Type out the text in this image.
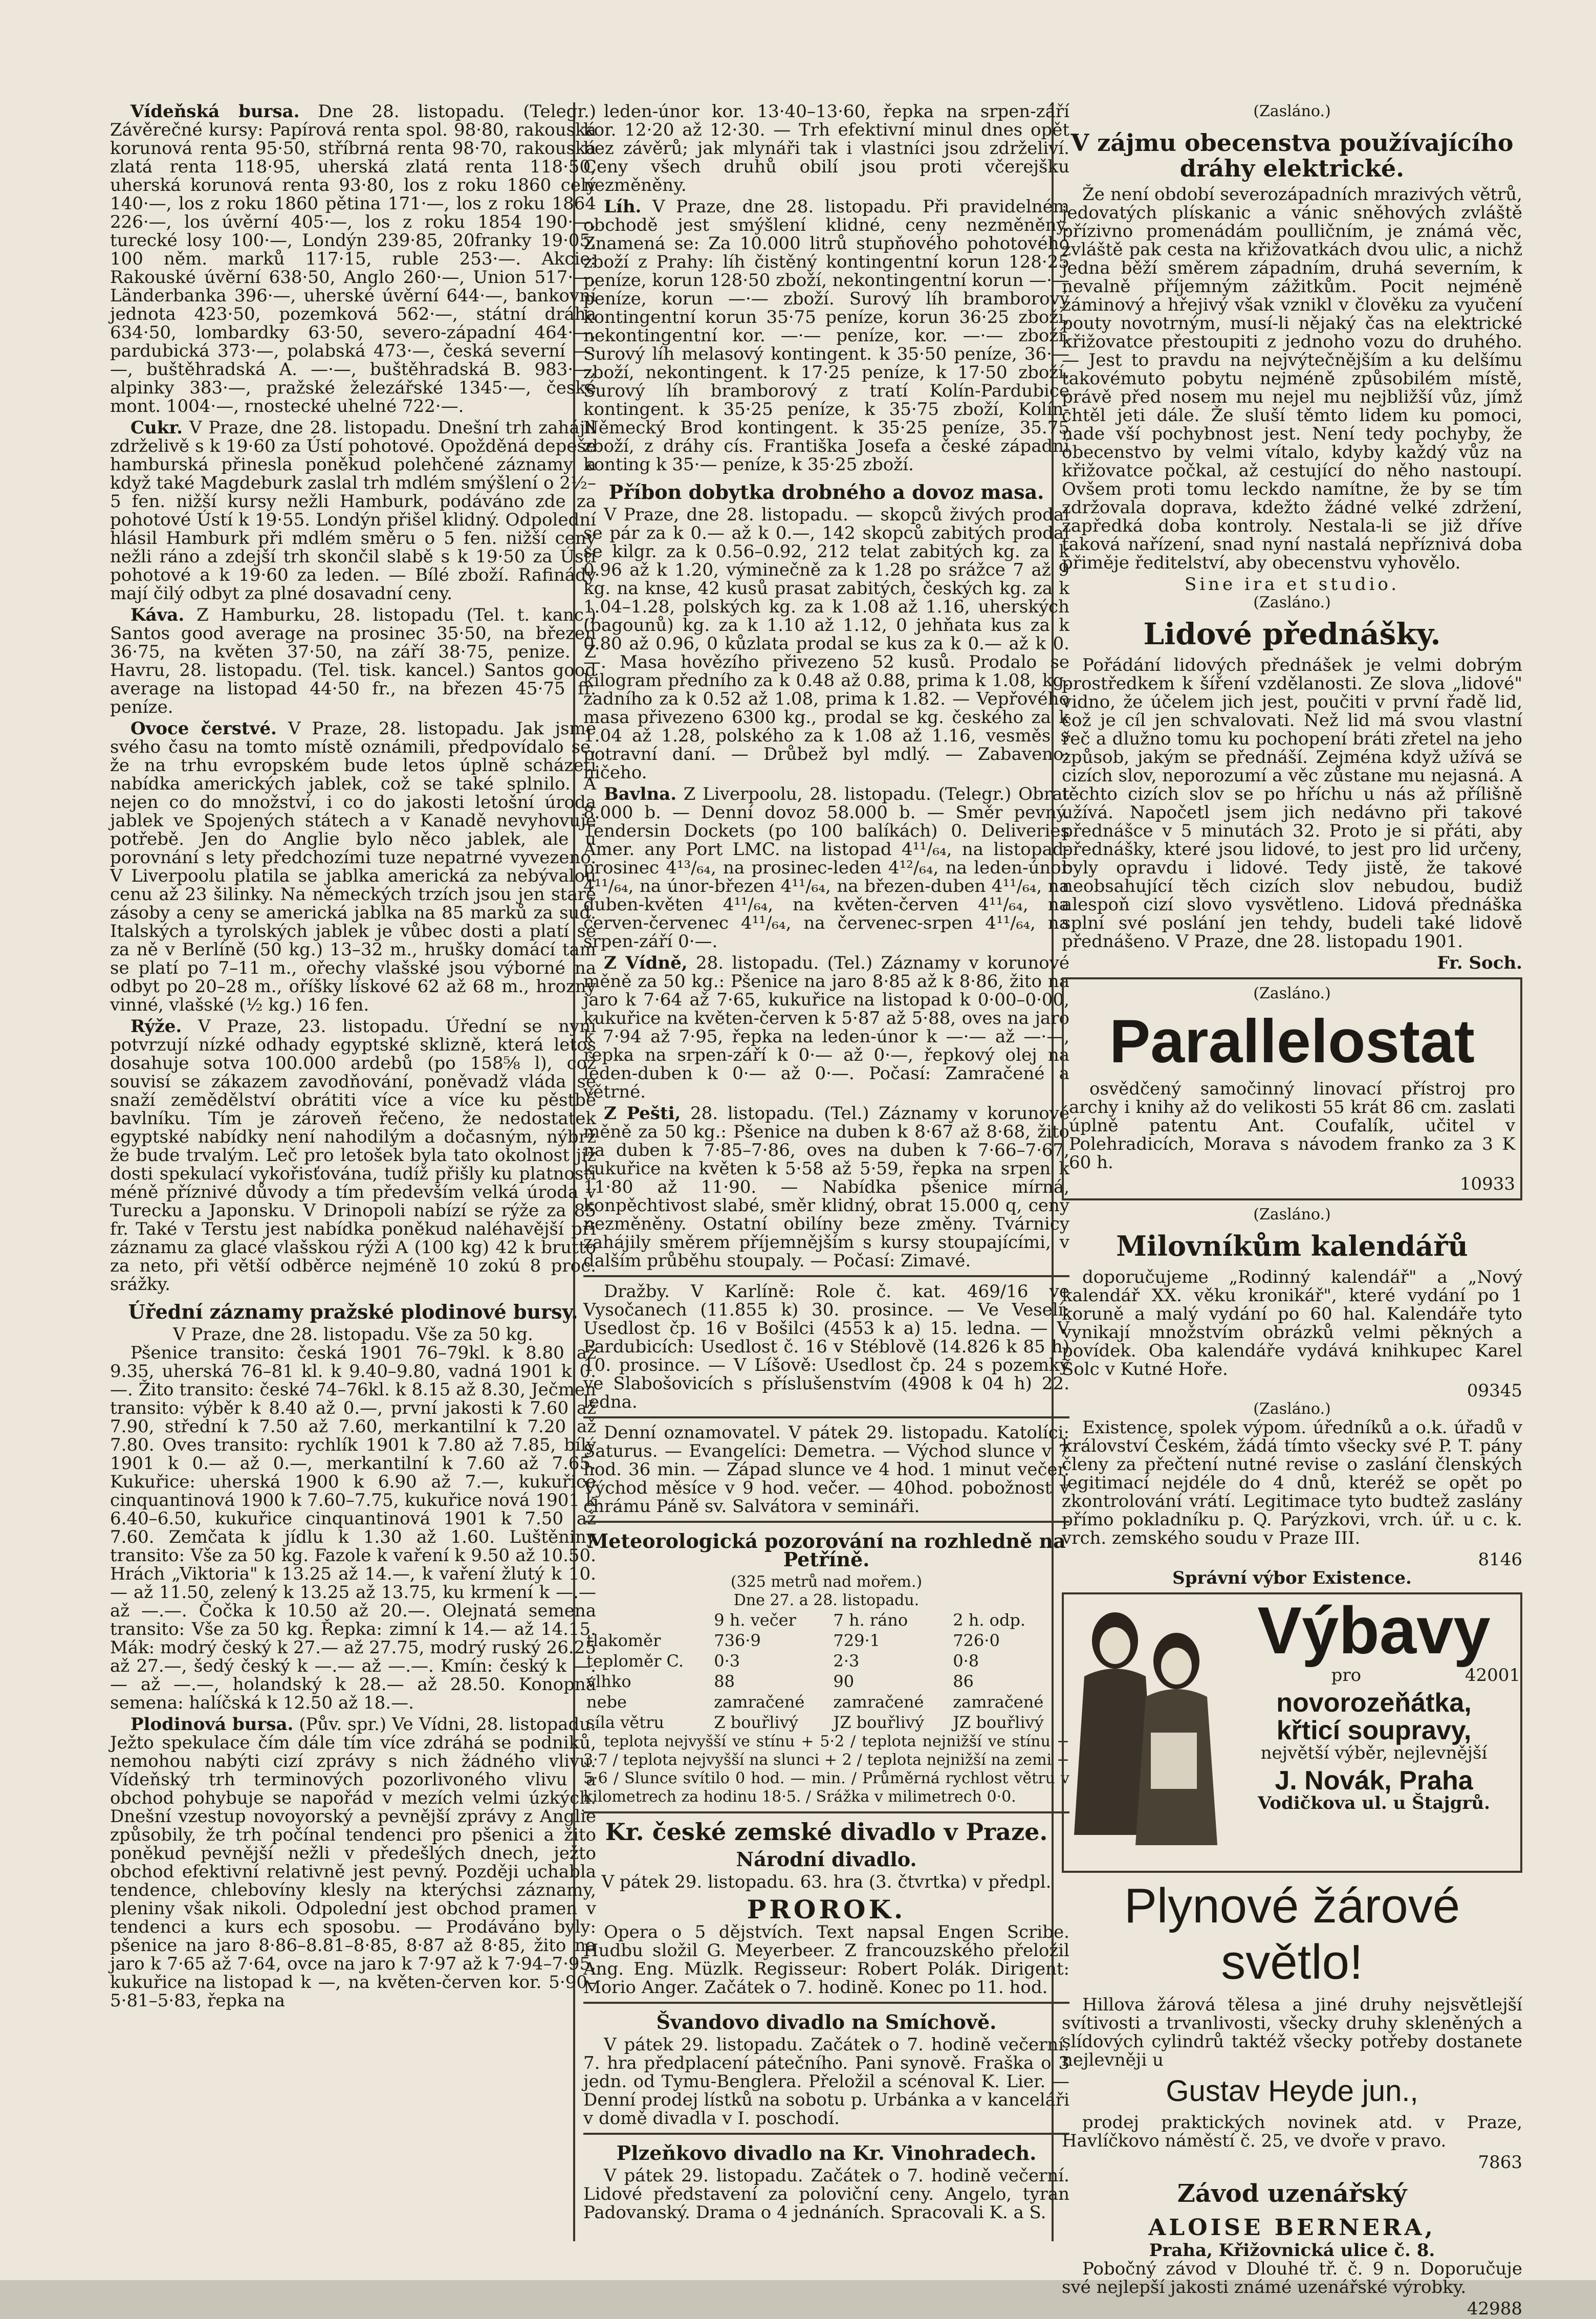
Vídeňská bursa. Dne 28. listopadu. (Telegr.) Závěrečné kursy: Papírová renta spol. 98·80, rakouská korunová renta 95·50, stříbrná renta 98·70, rakouská zlatá renta 118·95, uherská zlatá renta 118·50, uherská korunová renta 93·80, los z roku 1860 celý 140·—, los z roku 1860 pětina 171·—, los z roku 1864 226·—, los úvěrní 405·—, los z roku 1854 190·—, turecké losy 100·—, Londýn 239·85, 20franky 19·05, 100 něm. marků 117·15, ruble 253·—. Akcie: Rakouské úvěrní 638·50, Anglo 260·—, Union 517·—, Länderbanka 396·—, uherské úvěrní 644·—, bankovní jednota 423·50, pozemková 562·—, státní dráha 634·50, lombardky 63·50, severo-západní 464·—, pardubická 373·—, polabská 473·—, česká severní —·—, buštěhradská A. —·—, buštěhradská B. 983·—, alpinky 383·—, pražské železářské 1345·—, české mont. 1004·—, rnostecké uhelné 722·—.

Cukr. V Praze, dne 28. listopadu. Dnešní trh zahájil zdrželivě s k 19·60 za Ústí pohotové. Opožděná depeše hamburská přinesla poněkud polehčené záznamy a když také Magdeburk zaslal trh mdlém smýšlení o 2½–5 fen. nižší kursy nežli Hamburk, podáváno zde za pohotové Ústí k 19·55. Londýn přišel klidný. Odpolední hlásil Hamburk při mdlém směru o 5 fen. nižší ceny nežli ráno a zdejší trh skončil slabě s k 19·50 za Ústí pohotové a k 19·60 za leden. — Bílé zboží. Rafinády mají čilý odbyt za plné dosavadní ceny.

Káva. Z Hamburku, 28. listopadu (Tel. t. kanc.) Santos good average na prosinec 35·50, na březen 36·75, na květen 37·50, na září 38·75, penize. Z Havru, 28. listopadu. (Tel. tisk. kancel.) Santos good average na listopad 44·50 fr., na březen 45·75 fr. peníze.

Ovoce čerstvé. V Praze, 28. listopadu. Jak jsme svého času na tomto místě oznámili, předpovídalo se, že na trhu evropském bude letos úplně scházeti nabídka amerických jablek, což se také splnilo. A nejen co do množství, i co do jakosti letošní úroda jablek ve Spojených státech a v Kanadě nevyhovuje potřebě. Jen do Anglie bylo něco jablek, ale u porovnání s lety předchozími tuze nepatrné vyvezeno. V Liverpoolu platila se jablka americká za nebývalou cenu až 23 šilinky. Na německých trzích jsou jen staré zásoby a ceny se americká jablka na 85 marků za sud. Italských a tyrolských jablek je vůbec dosti a platí se za ně v Berlíně (50 kg.) 13–32 m., hrušky domácí tam se platí po 7–11 m., ořechy vlašské jsou výborné na odbyt po 20–28 m., oříšky lískové 62 až 68 m., hrozny vinné, vlašské (½ kg.) 16 fen.

Rýže. V Praze, 23. listopadu. Úřední se nyní potvrzují nízké odhady egyptské sklizně, která letos dosahuje sotva 100.000 ardebů (po 158⅝ l), což souvisí se zákazem zavodňování, poněvadž vláda se snaží zemědělství obrátiti více a více ku pěstbě bavlníku. Tím je zároveň řečeno, že nedostatek egyptské nabídky není nahodilým a dočasným, nýbrž že bude trvalým. Leč pro letošek byla tato okolnost již dosti spekulací vykořisťována, tudíž přišly ku platnosti méně příznivé důvody a tím především velká úroda v Turecku a Japonsku. V Drinopoli nabízí se rýže za 85 fr. Také v Terstu jest nabídka poněkud naléhavější při záznamu za glacé vlašskou rýži A (100 kg) 42 k brutto za neto, při větší odběrce nejméně 10 zokú 8 proc. srážky.

Úřední záznamy pražské plodinové bursy.
V Praze, dne 28. listopadu. Vše za 50 kg.

Pšenice transito: česká 1901 76–79kl. k 8.80 až 9.35, uherská 76–81 kl. k 9.40–9.80, vadná 1901 k 0.—. Žito transito: české 74–76kl. k 8.15 až 8.30, Ječmen transito: výběr k 8.40 až 0.—, první jakosti k 7.60 až 7.90, střední k 7.50 až 7.60, merkantilní k 7.20 až 7.80. Oves transito: rychlík 1901 k 7.80 až 7.85, bílý 1901 k 0.— až 0.—, merkantilní k 7.60 až 7.65. Kukuřice: uherská 1900 k 6.90 až 7.—, kukuřice cinquantinová 1900 k 7.60–7.75, kukuřice nová 1901 k 6.40–6.50, kukuřice cinquantinová 1901 k 7.50 až 7.60. Zemčata k jídlu k 1.30 až 1.60. Luštěniny transito: Vše za 50 kg. Fazole k vaření k 9.50 až 10.50. Hrách „Viktoria" k 13.25 až 14.—, k vaření žlutý k 10.— až 11.50, zelený k 13.25 až 13.75, ku krmení k —.— až —.—. Čočka k 10.50 až 20.—. Olejnatá semena transito: Vše za 50 kg. Řepka: zimní k 14.— až 14.15. Mák: modrý český k 27.— až 27.75, modrý ruský 26.25 až 27.—, šedý český k —.— až —.—. Kmín: český k —.— až —.—, holandský k 28.— až 28.50. Konopná semena: halíčská k 12.50 až 18.—.

Plodinová bursa. (Pův. spr.) Ve Vídni, 28. listopadu. Ježto spekulace čím dále tím více zdráhá se podniků, nemohou nabýti cizí zprávy s nich žádného vlivu. Vídeňský trh terminových pozorlivoného vlivu a obchod pohybuje se napořád v mezích velmi úzkých. Dnešní vzestup novoyorský a pevnější zprávy z Anglie způsobily, že trh počínal tendenci pro pšenici a žito poněkud pevnější nežli v předešlých dnech, ježto obchod efektivní relativně jest pevný. Později uchabla tendence, chlebovíny klesly na kterýchsi záznamy, pleniny však nikoli. Odpolední jest obchod pramen v tendenci a kurs ech sposobu. — Prodáváno byly: pšenice na jaro 8·86–8.81–8·85, 8·87 až 8·85, žito na jaro k 7·65 až 7·64, ovce na jaro k 7·97 až k 7·94–7·95, kukuřice na listopad k —, na květen-červen kor. 5·90–5·81–5·83, řepka na

leden-únor kor. 13·40–13·60, řepka na srpen-září kor. 12·20 až 12·30. — Trh efektivní minul dnes opět bez závěrů; jak mlynáři tak i vlastníci jsou zdrželiví. Ceny všech druhů obilí jsou proti včerejšku nezměněny.

Líh. V Praze, dne 28. listopadu. Při pravidelném obchodě jest smýšlení klidné, ceny nezměněny. Znamená se: Za 10.000 litrů stupňového pohotového zboží z Prahy: líh čistěný kontingentní korun 128·25 peníze, korun 128·50 zboží, nekontingentní korun —·— peníze, korun —·— zboží. Surový líh bramborový kontingentní korun 35·75 peníze, korun 36·25 zboží, nekontingentní kor. —·— peníze, kor. —·— zboží. Surový líh melasový kontingent. k 35·50 peníze, 36·— zboží, nekontingent. k 17·25 peníze, k 17·50 zboží. Surový líh bramborový z tratí Kolín-Pardubice kontingent. k 35·25 peníze, k 35·75 zboží, Kolín-Německý Brod kontingent. k 35·25 peníze, 35.75 zboží, z dráhy cís. Františka Josefa a české západní konting k 35·— peníze, k 35·25 zboží.

Příbon dobytka drobného a dovoz masa.

V Praze, dne 28. listopadu. — skopců živých prodal se pár za k 0.— až k 0.—, 142 skopců zabitých prodal se kilgr. za k 0.56–0.92, 212 telat zabitých kg. za k 0.96 až k 1.20, výminečně za k 1.28 po srážce 7 až 9 kg. na knse, 42 kusů prasat zabitých, českých kg. za k 1.04–1.28, polských kg. za k 1.08 až 1.16, uherských (bagounů) kg. za k 1.10 až 1.12, 0 jehňata kus za k 0.80 až 0.96, 0 kůzlata prodal se kus za k 0.— až k 0.—. Masa hovězího přivezeno 52 kusů. Prodalo se kilogram předního za k 0.48 až 0.88, prima k 1.08, kg. zadního za k 0.52 až 1.08, prima k 1.82. — Vepřového masa přivezeno 6300 kg., prodal se kg. českého za k 1.04 až 1.28, polského za k 1.08 až 1.16, vesměs s potravní daní. — Drůbež byl mdlý. — Zabaveno: ničeho.

Bavlna. Z Liverpoolu, 28. listopadu. (Telegr.) Obrat 8.000 b. — Denní dovoz 58.000 b. — Směr pevný. Tendersin Dockets (po 100 balíkách) 0. Deliveries Amer. any Port LMC. na listopad 4¹¹/₆₄, na listopad-prosinec 4¹³/₆₄, na prosinec-leden 4¹²/₆₄, na leden-únor 4¹¹/₆₄, na únor-březen 4¹¹/₆₄, na březen-duben 4¹¹/₆₄, na duben-květen 4¹¹/₆₄, na květen-červen 4¹¹/₆₄, na červen-červenec 4¹¹/₆₄, na červenec-srpen 4¹¹/₆₄, na srpen-září 0·—.

Z Vídně, 28. listopadu. (Tel.) Záznamy v korunové měně za 50 kg.: Pšenice na jaro 8·85 až k 8·86, žito na jaro k 7·64 až 7·65, kukuřice na listopad k 0·00–0·00, kukuřice na květen-červen k 5·87 až 5·88, oves na jaro k 7·94 až 7·95, řepka na leden-únor k —·— až —·—, řepka na srpen-září k 0·— až 0·—, řepkový olej na leden-duben k 0·— až 0·—. Počasí: Zamračené a větrné.

Z Pešti, 28. listopadu. (Tel.) Záznamy v korunové měně za 50 kg.: Pšenice na duben k 8·67 až 8·68, žito na duben k 7·85–7·86, oves na duben k 7·66–7·67, kukuřice na květen k 5·58 až 5·59, řepka na srpen k 11·80 až 11·90. — Nabídka pšenice mírná, konpěchtivost slabé, směr klidný, obrat 15.000 q, ceny nezměněny. Ostatní obilíny beze změny. Tvárnicy zahájily směrem příjemnějším s kursy stoupajícími, v dalším průběhu stoupaly. — Počasí: Zimavé.

Dražby. V Karlíně: Role č. kat. 469/16 ve Vysočanech (11.855 k) 30. prosince. — Ve Veselí: Usedlost čp. 16 v Bošilci (4553 k a) 15. ledna. — V Pardubicích: Usedlost č. 16 v Stéblově (14.826 k 85 h) 10. prosince. — V Líšově: Usedlost čp. 24 s pozemky ve Slabošovicích s příslušenstvím (4908 k 04 h) 22. ledna.

Denní oznamovatel. V pátek 29. listopadu. Katolíci: Saturus. — Evangelíci: Demetra. — Východ slunce v 7 hod. 36 min. — Západ slunce ve 4 hod. 1 minut večer. Východ měsíce v 9 hod. večer. — 40hod. pobožnost v chrámu Páně sv. Salvátora v semináři.

Meteorologická pozorování na rozhledně na Petříně.
(325 metrů nad mořem.)
Dne 27. a 28. listopadu.
	9 h. večer	7 h. ráno	2 h. odp.
tlakoměr	736·9	729·1	726·0
teploměr C.	0·3	2·3	0·8
vlhko	88	90	86
nebe	zamračené	zamračené	zamračené
síla větru	Z bouřlivý	JZ bouřlivý	JZ bouřlivý

teplota nejvyšší ve stínu + 5·2 / teplota nejnižší ve stínu − 3·7 / teplota nejvyšší na slunci + 2 / teplota nejnižší na zemi − 5·6 / Slunce svítilo 0 hod. — min. / Průměrná rychlost větru v kilometrech za hodinu 18·5. / Srážka v milimetrech 0·0.

Kr. české zemské divadlo v Praze.
Národní divadlo.
V pátek 29. listopadu. 63. hra (3. čtvrtka) v předpl.
PROROK.

Opera o 5 dějstvích. Text napsal Engen Scribe. Hudbu složil G. Meyerbeer. Z francouzského přeložil Ang. Eng. Müzlk. Regisseur: Robert Polák. Dirigent: Morio Anger. Začátek o 7. hodině. Konec po 11. hod.

Švandovo divadlo na Smíchově.

V pátek 29. listopadu. Začátek o 7. hodině večerní. 7. hra předplacení pátečního. Pani synově. Fraška o 3 jedn. od Tymu-Benglera. Přeložil a scénoval K. Lier. — Denní prodej lístků na sobotu p. Urbánka a v kanceláři v domě divadla v I. poschodí.

Plzeňkovo divadlo na Kr. Vinohradech.

V pátek 29. listopadu. Začátek o 7. hodině večerní. Lidové představení za poloviční ceny. Angelo, tyran Padovanský. Drama o 4 jednáních. Spracovali K. a S.

(Zasláno.)
V zájmu obecenstva používajícího dráhy elektrické.

Že není období severozápadních mrazivých větrů, jedovatých plískanic a vánic sněhových zvláště přízivno promenádám poulličním, je známá věc, zvláště pak cesta na křižovatkách dvou ulic, a nichž jedna běží směrem západním, druhá severním, k nevalně příjemným zážitkům. Pocit nejméně záminový a hřejivý však vznikl v člověku za vyučení pouty novotrným, musí-li nějaký čas na elektrické křižovatce přestoupiti z jednoho vozu do druhého. — Jest to pravdu na nejvýtečnějším a ku delšímu takovémuto pobytu nejméně způsobilém místě, právě před nosem mu nejel mu nejbližší vůz, jímž chtěl jeti dále. Že sluší těmto lidem ku pomoci, nade vší pochybnost jest. Není tedy pochyby, že obecenstvo by velmi vítalo, kdyby každý vůz na křižovatce počkal, až cestující do něho nastoupí. Ovšem proti tomu leckdo namítne, že by se tím zdržovala doprava, kdežto žádné velké zdržení, zapředká doba kontroly. Nestala-li se již dříve taková nařízení, snad nyní nastalá nepříznivá doba přiměje ředitelství, aby obecenstvu vyhovělo.

Sine ira et studio.
(Zasláno.)
Lidové přednášky.

Pořádání lidových přednášek je velmi dobrým prostředkem k šíření vzdělanosti. Ze slova „lidové" vidno, že účelem jich jest, poučiti v první řadě lid, což je cíl jen schvalovati. Než lid má svou vlastní řeč a dlužno tomu ku pochopení bráti zřetel na jeho způsob, jakým se přednáší. Zejména když užívá se cizích slov, neporozumí a věc zůstane mu nejasná. A těchto cizích slov se po hříchu u nás až přílišně užívá. Napočetl jsem jich nedávno při takové přednášce v 5 minutách 32. Proto je si přáti, aby přednášky, které jsou lidové, to jest pro lid určeny, byly opravdu i lidové. Tedy jistě, že takové neobsahující těch cizích slov nebudou, budiž alespoň cizí slovo vysvětleno. Lidová přednáška splní své poslání jen tehdy, budeli také lidově přednášeno. V Praze, dne 28. listopadu 1901.

Fr. Soch.
(Zasláno.)
Parallelostat

osvědčený samočinný linovací přístroj pro archy i knihy až do velikosti 55 krát 86 cm. zaslati úplně patentu Ant. Coufalík, učitel v Polehradicích, Morava s návodem franko za 3 K 60 h.

10933
(Zasláno.)
Milovníkům kalendářů

doporučujeme „Rodinný kalendář" a „Nový kalendář XX. věku kronikář", které vydání po 1 koruně a malý vydání po 60 hal. Kalendáře tyto vynikají množstvím obrázků velmi pěkných a povídek. Oba kalendáře vydává knihkupec Karel Šolc v Kutné Hoře.

09345
(Zasláno.)

Existence, spolek výpom. úředníků a o.k. úřadů v království Českém, žádá tímto všecky své P. T. pány členy za přečtení nutné revise o zaslání členských legitimací nejdéle do 4 dnů, kteréž se opět po zkontrolování vrátí. Legitimace tyto budtež zaslány přímo pokladníku p. Q. Parýzkovi, vrch. úř. u c. k. vrch. zemského soudu v Praze III.

8146
Správní výbor Existence.
Výbavy
pro	42001
novorozeňátka,
křticí soupravy,
největší výběr, nejlevnější
J. Novák, Praha
Vodičkova ul. u Štajgrů.
Plynové žárové světlo!

Hillova žárová tělesa a jiné druhy nejsvětlejší svítivosti a trvanlivosti, všecky druhy skleněných a slídových cylindrů taktéž všecky potřeby dostanete nejlevněji u

Gustav Heyde jun.,

prodej praktických novinek atd. v Praze, Havlíčkovo náměstí č. 25, ve dvoře v pravo.

7863
Závod uzenářský
ALOISE BERNERA,
Praha, Křižovnická ulice č. 8.

Pobočný závod v Dlouhé tř. č. 9 n. Doporučuje své nejlepší jakosti známé uzenářské výrobky.

42988
